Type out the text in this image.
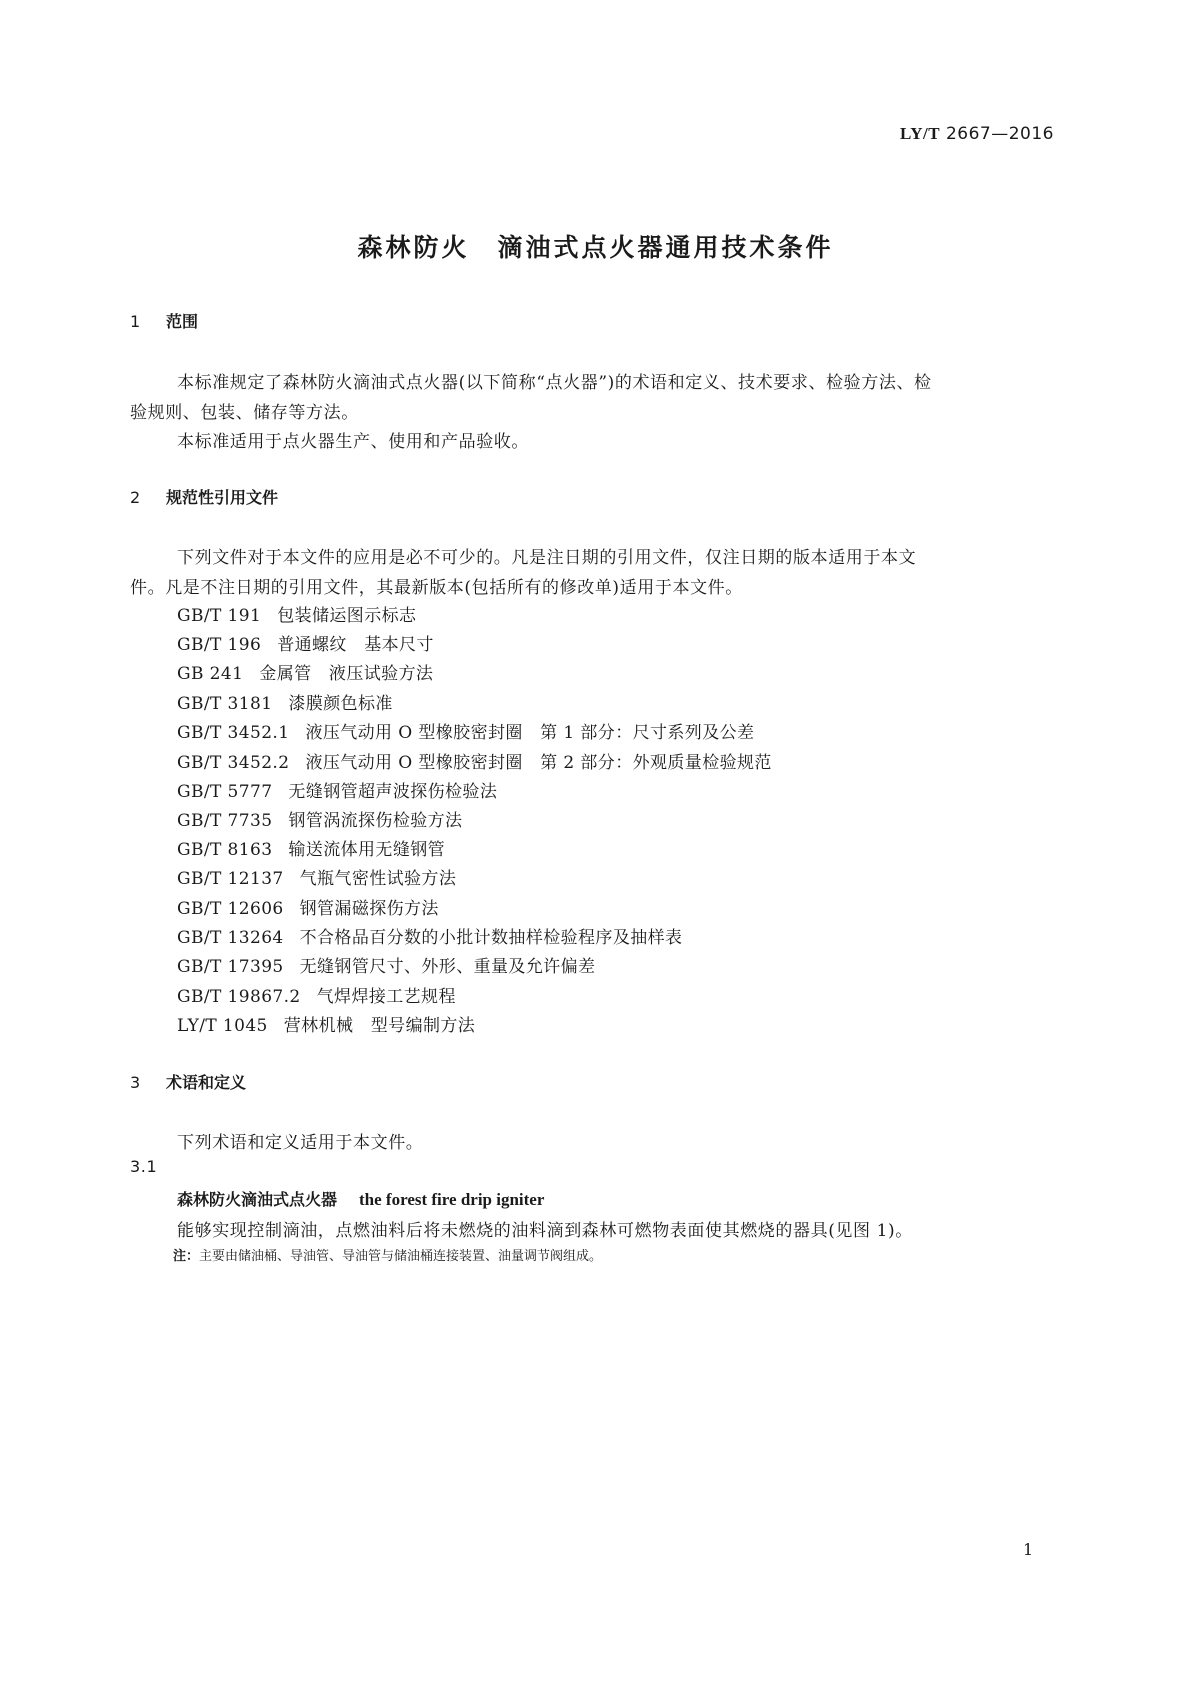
LY/T 2667—2016
森林防火　滴油式点火器通用技术条件
1 范围
本标准规定了森林防火滴油式点火器(以下简称“点火器”)的术语和定义、技术要求、检验方法、检
验规则、包装、储存等方法。
本标准适用于点火器生产、使用和产品验收。
2 规范性引用文件
下列文件对于本文件的应用是必不可少的。凡是注日期的引用文件，仅注日期的版本适用于本文
件。凡是不注日期的引用文件，其最新版本(包括所有的修改单)适用于本文件。
GB/T 191 包装储运图示标志
GB/T 196 普通螺纹　基本尺寸
GB 241 金属管　液压试验方法
GB/T 3181 漆膜颜色标准
GB/T 3452.1 液压气动用 O 型橡胶密封圈　第 1 部分：尺寸系列及公差
GB/T 3452.2 液压气动用 O 型橡胶密封圈　第 2 部分：外观质量检验规范
GB/T 5777 无缝钢管超声波探伤检验法
GB/T 7735 钢管涡流探伤检验方法
GB/T 8163 输送流体用无缝钢管
GB/T 12137 气瓶气密性试验方法
GB/T 12606 钢管漏磁探伤方法
GB/T 13264 不合格品百分数的小批计数抽样检验程序及抽样表
GB/T 17395 无缝钢管尺寸、外形、重量及允许偏差
GB/T 19867.2 气焊焊接工艺规程
LY/T 1045 营林机械　型号编制方法
3 术语和定义
下列术语和定义适用于本文件。
3.1
森林防火滴油式点火器 the forest fire drip igniter
能够实现控制滴油，点燃油料后将未燃烧的油料滴到森林可燃物表面使其燃烧的器具(见图 1)。
注：主要由储油桶、导油管、导油管与储油桶连接装置、油量调节阀组成。
1
